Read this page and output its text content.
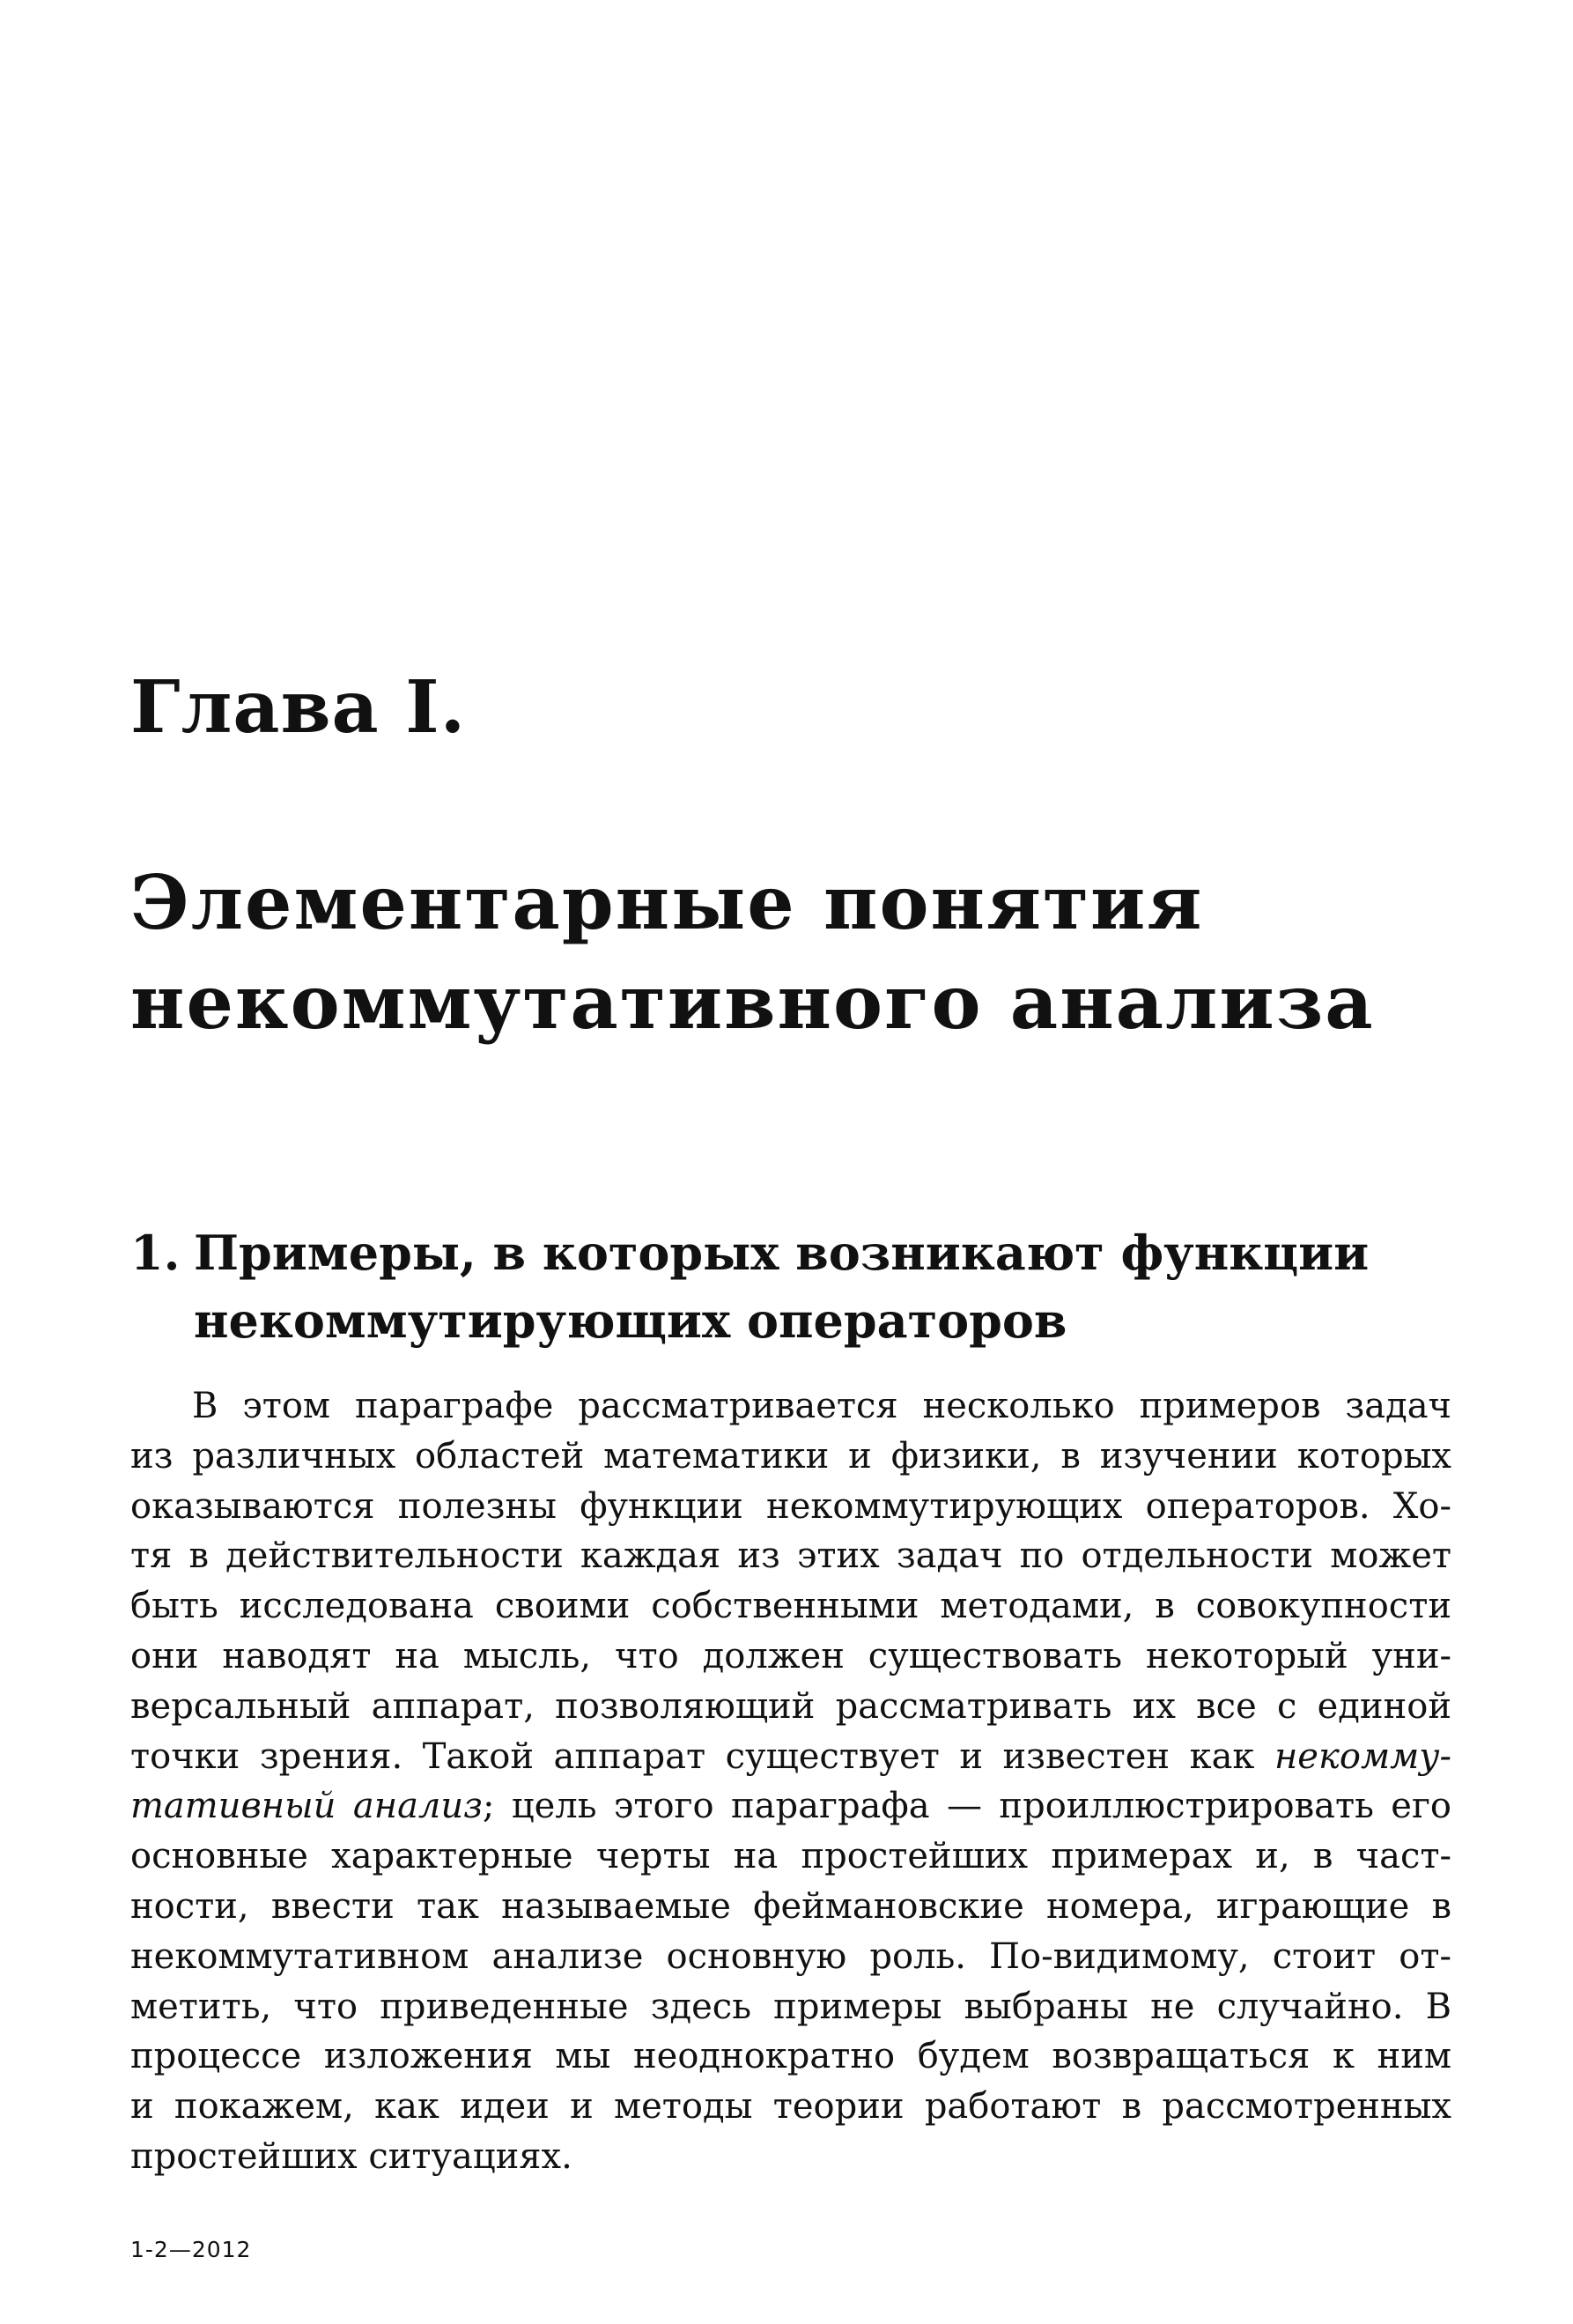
Глава I.
Элементарные понятия
некоммутативного анализа
1. Примеры, в которых возникают функции
некоммутирующих операторов
В этом параграфе рассматривается несколько примеров задач
из различных областей математики и физики, в изучении которых
оказываются полезны функции некоммутирующих операторов. Хо-
тя в действительности каждая из этих задач по отдельности может
быть исследована своими собственными методами, в совокупности
они наводят на мысль, что должен существовать некоторый уни-
версальный аппарат, позволяющий рассматривать их все с единой
точки зрения. Такой аппарат существует и известен как некомму-
тативный анализ; цель этого параграфа — проиллюстрировать его
основные характерные черты на простейших примерах и, в част-
ности, ввести так называемые феймановские номера, играющие в
некоммутативном анализе основную роль. По-видимому, стоит от-
метить, что приведенные здесь примеры выбраны не случайно. В
процессе изложения мы неоднократно будем возвращаться к ним
и покажем, как идеи и методы теории работают в рассмотренных
простейших ситуациях.
1-2—2012
